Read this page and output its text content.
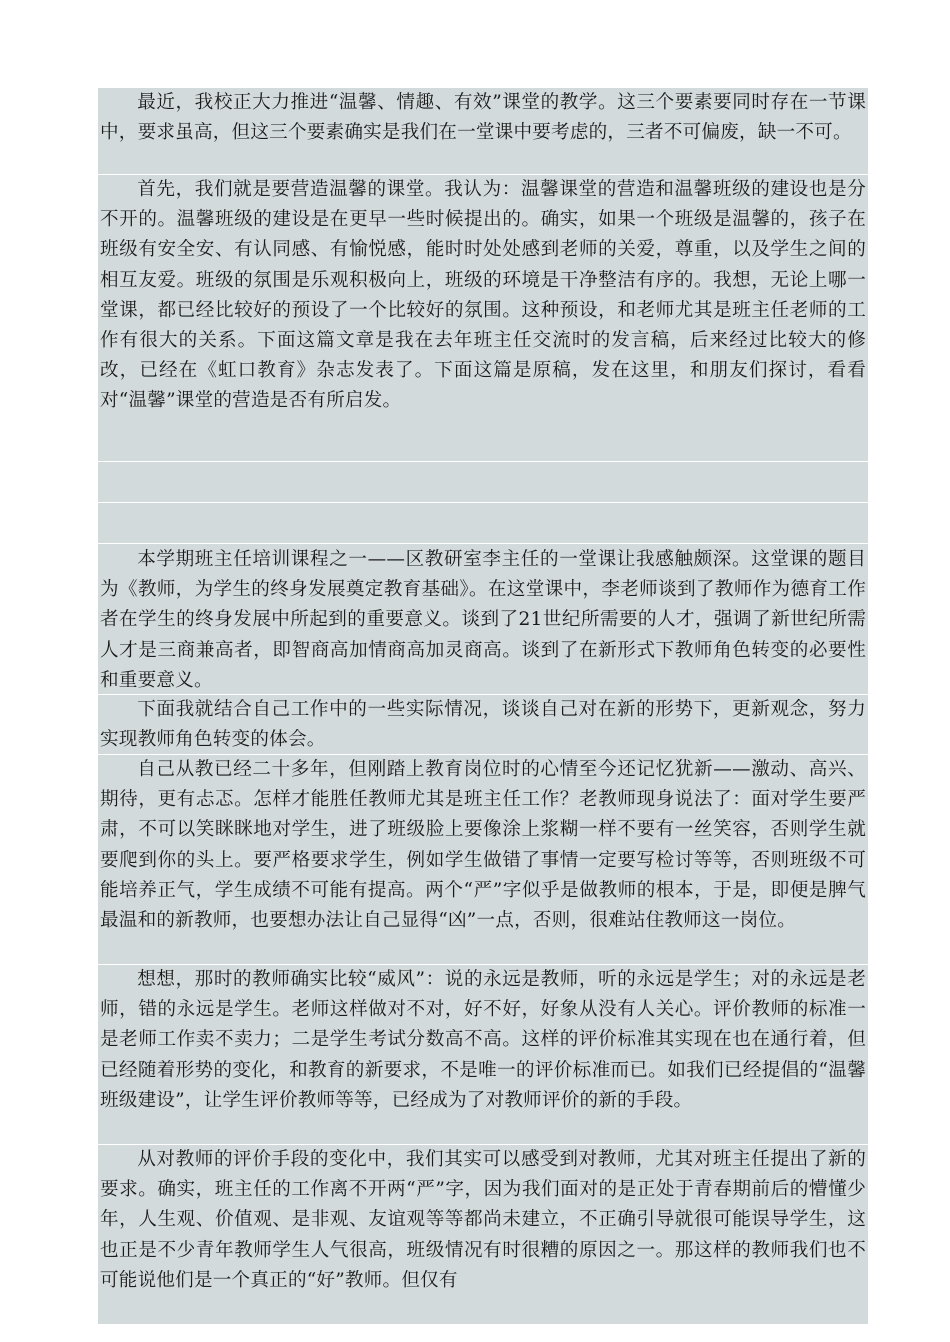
最近，我校正大力推进“温馨、情趣、有效”课堂的教学。这三个要素要同时存在一节课中，要求虽高，但这三个要素确实是我们在一堂课中要考虑的，三者不可偏废，缺一不可。

首先，我们就是要营造温馨的课堂。我认为：温馨课堂的营造和温馨班级的建设也是分不开的。温馨班级的建设是在更早一些时候提出的。确实，如果一个班级是温馨的，孩子在班级有安全安、有认同感、有愉悦感，能时时处处感到老师的关爱，尊重，以及学生之间的相互友爱。班级的氛围是乐观积极向上，班级的环境是干净整洁有序的。我想，无论上哪一堂课，都已经比较好的预设了一个比较好的氛围。这种预设，和老师尤其是班主任老师的工作有很大的关系。下面这篇文章是我在去年班主任交流时的发言稿，后来经过比较大的修改，已经在《虹口教育》杂志发表了。下面这篇是原稿，发在这里，和朋友们探讨，看看对“温馨”课堂的营造是否有所启发。

本学期班主任培训课程之一——区教研室李主任的一堂课让我感触颇深。这堂课的题目为《教师，为学生的终身发展奠定教育基础》。在这堂课中，李老师谈到了教师作为德育工作者在学生的终身发展中所起到的重要意义。谈到了21世纪所需要的人才，强调了新世纪所需人才是三商兼高者，即智商高加情商高加灵商高。谈到了在新形式下教师角色转变的必要性和重要意义。

下面我就结合自己工作中的一些实际情况，谈谈自己对在新的形势下，更新观念，努力实现教师角色转变的体会。

自己从教已经二十多年，但刚踏上教育岗位时的心情至今还记忆犹新——激动、高兴、期待，更有忐忑。怎样才能胜任教师尤其是班主任工作？老教师现身说法了：面对学生要严肃，不可以笑眯眯地对学生，进了班级脸上要像涂上浆糊一样不要有一丝笑容，否则学生就要爬到你的头上。要严格要求学生，例如学生做错了事情一定要写检讨等等，否则班级不可能培养正气，学生成绩不可能有提高。两个“严”字似乎是做教师的根本，于是，即便是脾气最温和的新教师，也要想办法让自己显得“凶”一点，否则，很难站住教师这一岗位。

想想，那时的教师确实比较“威风”：说的永远是教师，听的永远是学生；对的永远是老师，错的永远是学生。老师这样做对不对，好不好，好象从没有人关心。评价教师的标准一是老师工作卖不卖力；二是学生考试分数高不高。这样的评价标准其实现在也在通行着，但已经随着形势的变化，和教育的新要求，不是唯一的评价标准而已。如我们已经提倡的“温馨班级建设”，让学生评价教师等等，已经成为了对教师评价的新的手段。

从对教师的评价手段的变化中，我们其实可以感受到对教师，尤其对班主任提出了新的要求。确实，班主任的工作离不开两“严”字，因为我们面对的是正处于青春期前后的懵懂少年，人生观、价值观、是非观、友谊观等等都尚未建立，不正确引导就很可能误导学生，这也正是不少青年教师学生人气很高，班级情况有时很糟的原因之一。那这样的教师我们也不可能说他们是一个真正的“好”教师。但仅有
